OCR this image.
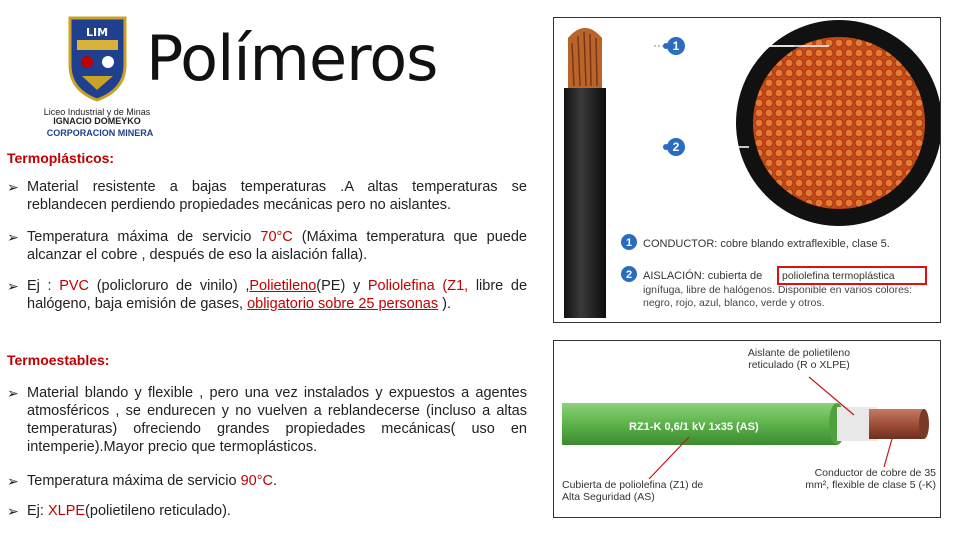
LIM
Liceo Industrial y de Minas
IGNACIO DOMEYKO
CORPORACION MINERA
Polímeros
Termoplásticos:
➢ Material resistente a bajas temperaturas .A altas temperaturas se reblandecen perdiendo propiedades mecánicas pero no aislantes.
➢ Temperatura máxima de servicio 70°C (Máxima temperatura que puede alcanzar el cobre , después de eso la aislación falla).
➢ Ej : PVC (policloruro de vinilo) ,Polietileno(PE) y Poliolefina (Z1, libre de halógeno, baja emisión de gases, obligatorio sobre 25 personas ).
Termoestables:
➢ Material blando y flexible , pero una vez instalados y expuestos a agentes atmosféricos , se endurecen y no vuelven a reblandecerse (incluso a altas temperaturas) ofreciendo grandes propiedades mecánicas( uso en intemperie).Mayor precio que termoplásticos.
➢ Temperatura máxima de servicio 90°C.
➢ Ej: XLPE(polietileno reticulado).
1
2
1 CONDUCTOR: cobre blando extraflexible, clase 5.
2 AISLACIÓN: cubierta de poliolefina termoplástica
ignífuga, libre de halógenos. Disponible en varios colores: negro, rojo, azul, blanco, verde y otros.
RZ1-K 0,6/1 kV 1x35 (AS)
Aislante de polietileno reticulado (R o XLPE)
Cubierta de poliolefina (Z1) de Alta Seguridad (AS)
Conductor de cobre de 35 mm², flexible de clase 5 (-K)
